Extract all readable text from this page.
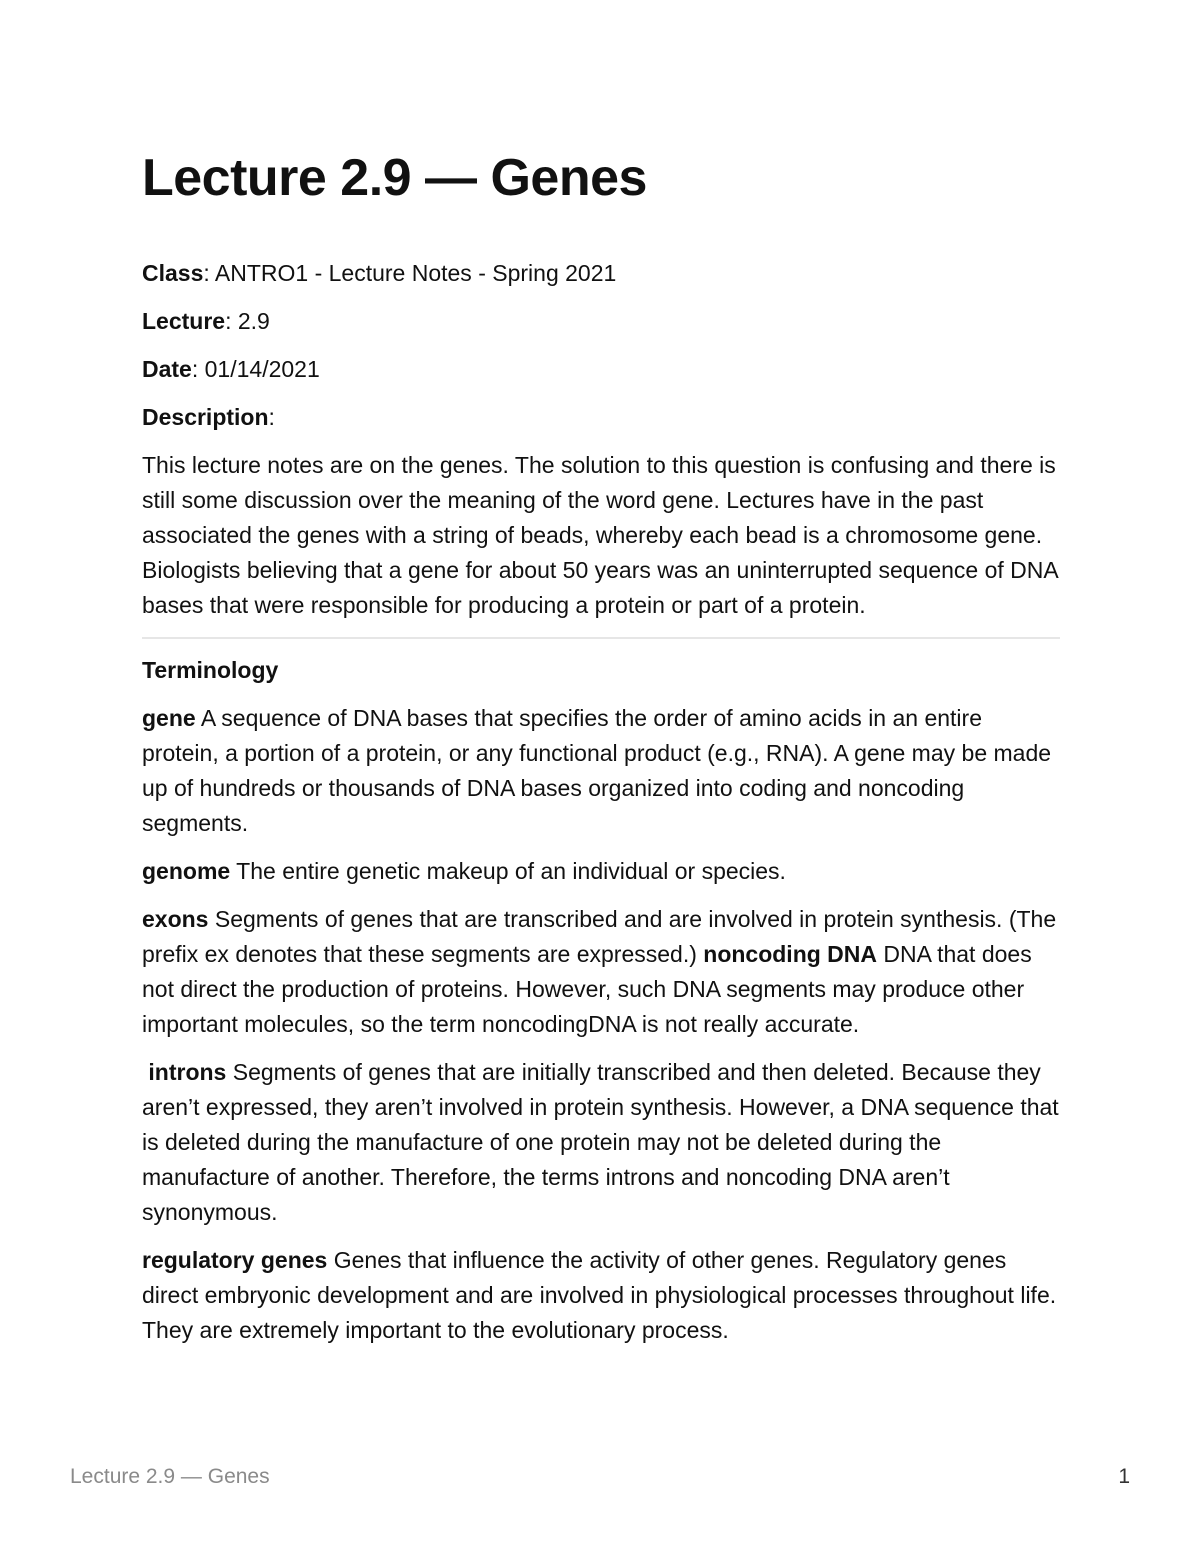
Lecture 2.9 — Genes

Class: ANTRO1 - Lecture Notes - Spring 2021

Lecture: 2.9

Date: 01/14/2021

Description:

This lecture notes are on the genes. The solution to this question is confusing and there is still some discussion over the meaning of the word gene. Lectures have in the past associated the genes with a string of beads, whereby each bead is a chromosome gene. Biologists believing that a gene for about 50 years was an uninterrupted sequence of DNA bases that were responsible for producing a protein or part of a protein.

Terminology

gene A sequence of DNA bases that specifies the order of amino acids in an entire protein, a portion of a protein, or any functional product (e.g., RNA). A gene may be made up of hundreds or thousands of DNA bases organized into coding and noncoding segments.

genome The entire genetic makeup of an individual or species.

exons Segments of genes that are transcribed and are involved in protein synthesis. (The prefix ex denotes that these segments are expressed.) noncoding DNA DNA that does not direct the production of proteins. However, such DNA segments may produce other important molecules, so the term noncodingDNA is not really accurate.

introns Segments of genes that are initially transcribed and then deleted. Because they aren’t expressed, they aren’t involved in protein synthesis. However, a DNA sequence that is deleted during the manufacture of one protein may not be deleted during the manufacture of another. Therefore, the terms introns and noncoding DNA aren’t synonymous.

regulatory genes Genes that influence the activity of other genes. Regulatory genes direct embryonic development and are involved in physiological processes throughout life. They are extremely important to the evolutionary process.

Lecture 2.9 — Genes	1
